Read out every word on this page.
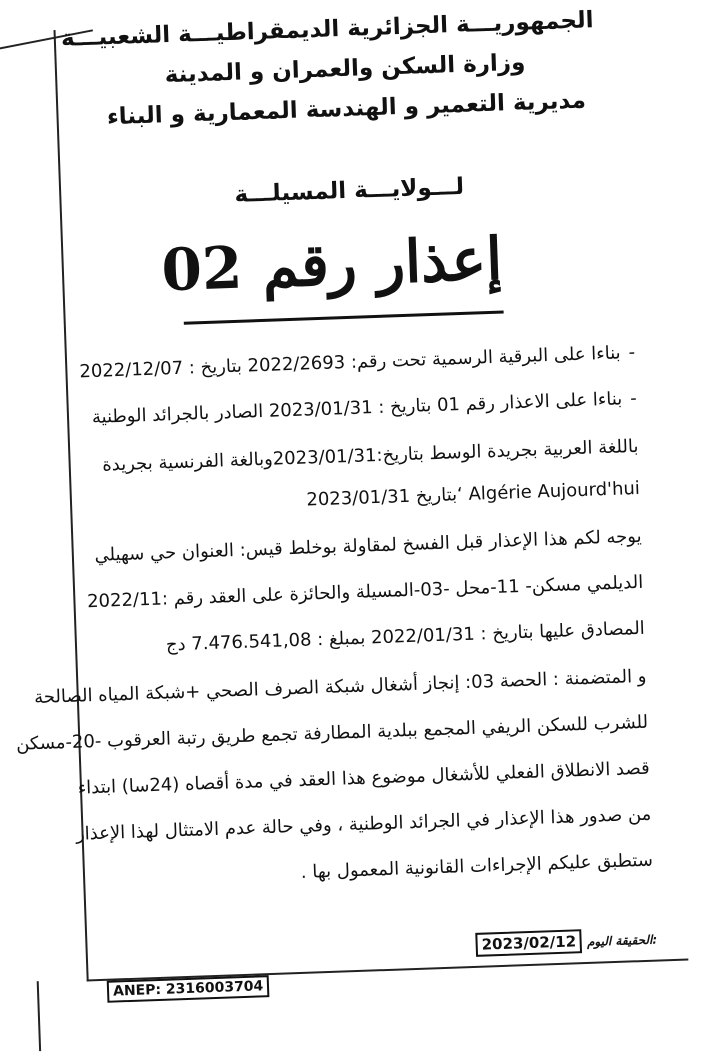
الجمهوريـــة الجزائرية الديمقراطيـــة الشعبيـــة
وزارة السكن والعمران و المدينة
مديرية التعمير و الهندسة المعمارية و البناء
لـــولايـــة المسيلـــة
إعذار رقم 02
-بناءا على البرقية الرسمية تحت رقم: 2022/2693 بتاريخ : 2022/12/07
-بناءا على الاعذار رقم 01 بتاريخ : 2023/01/31 الصادر بالجرائد الوطنية
باللغة العربية بجريدة الوسط بتاريخ:2023/01/31وبالغة الفرنسية بجريدة
Algérie Aujourd'hui ‘بتاريخ 2023/01/31
يوجه لكم هذا الإعذار قبل الفسخ لمقاولة بوخلط قيس: العنوان حي سهيلي
الديلمي مسكن- 11-محل -03-المسيلة والحائزة على العقد رقم :2022/11
المصادق عليها بتاريخ : 2022/01/31 بمبلغ : 7.476.541,08 دج
و المتضمنة : الحصة 03: إنجاز أشغال شبكة الصرف الصحي +شبكة المياه الصالحة
للشرب للسكن الريفي المجمع ببلدية المطارفة تجمع طريق رتبة العرقوب -20-مسكن
قصد الانطلاق الفعلي للأشغال موضوع هذا العقد في مدة أقصاه (24سا) ابتداء
من صدور هذا الإعذار في الجرائد الوطنية ، وفي حالة عدم الامتثال لهذا الإعذار
ستطبق عليكم الإجراءات القانونية المعمول بها .
2023/02/12 الحقيقة اليوم:
ANEP: 2316003704
